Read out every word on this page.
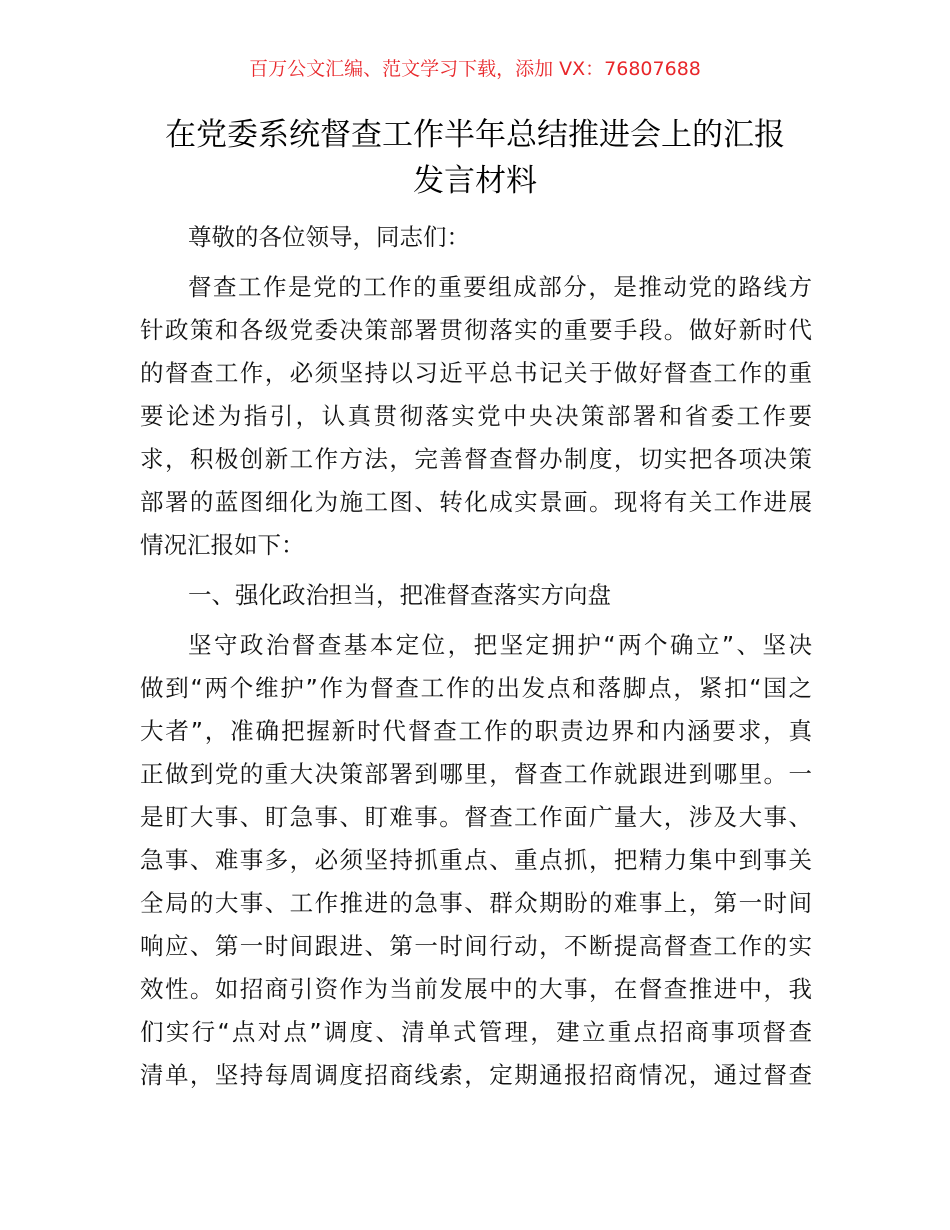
百万公文汇编、范文学习下载，添加 VX：76807688
在党委系统督查工作半年总结推进会上的汇报
发言材料
尊敬的各位领导，同志们：
督查工作是党的工作的重要组成部分，是推动党的路线方
针政策和各级党委决策部署贯彻落实的重要手段。做好新时代
的督查工作，必须坚持以习近平总书记关于做好督查工作的重
要论述为指引，认真贯彻落实党中央决策部署和省委工作要
求，积极创新工作方法，完善督查督办制度，切实把各项决策
部署的蓝图细化为施工图、转化成实景画。现将有关工作进展
情况汇报如下：
一、强化政治担当，把准督查落实方向盘
坚守政治督查基本定位，把坚定拥护“两个确立”、坚决
做到“两个维护”作为督查工作的出发点和落脚点，紧扣“国之
大者”，准确把握新时代督查工作的职责边界和内涵要求，真
正做到党的重大决策部署到哪里，督查工作就跟进到哪里。一
是盯大事、盯急事、盯难事。督查工作面广量大，涉及大事、
急事、难事多，必须坚持抓重点、重点抓，把精力集中到事关
全局的大事、工作推进的急事、群众期盼的难事上，第一时间
响应、第一时间跟进、第一时间行动，不断提高督查工作的实
效性。如招商引资作为当前发展中的大事，在督查推进中，我
们实行“点对点”调度、清单式管理，建立重点招商事项督查
清单，坚持每周调度招商线索，定期通报招商情况，通过督查
